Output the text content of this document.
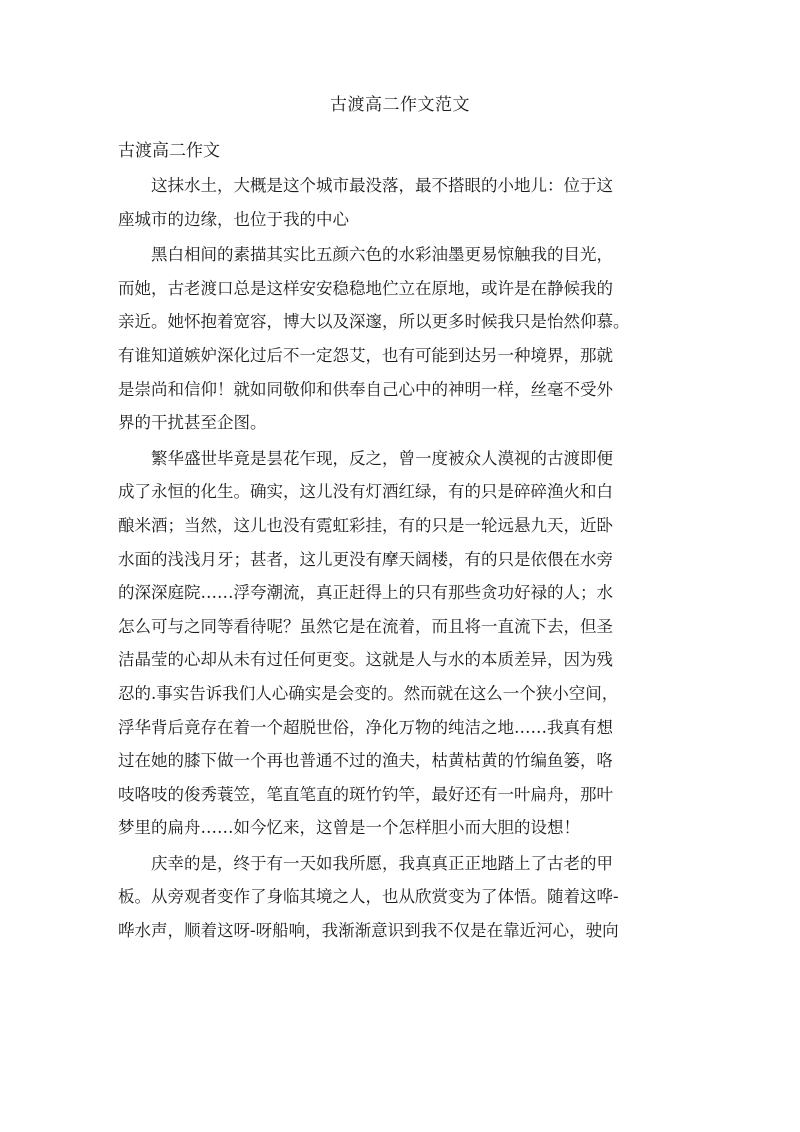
古渡高二作文范文
古渡高二作文
这抹水土，大概是这个城市最没落，最不搭眼的小地儿：位于这
座城市的边缘，也位于我的中心
黑白相间的素描其实比五颜六色的水彩油墨更易惊触我的目光，
而她，古老渡口总是这样安安稳稳地伫立在原地，或许是在静候我的
亲近。她怀抱着宽容，博大以及深邃，所以更多时候我只是怡然仰慕。
有谁知道嫉妒深化过后不一定怨艾，也有可能到达另一种境界，那就
是崇尚和信仰！就如同敬仰和供奉自己心中的神明一样，丝毫不受外
界的干扰甚至企图。
繁华盛世毕竟是昙花乍现，反之，曾一度被众人漠视的古渡即便
成了永恒的化生。确实，这儿没有灯酒红绿，有的只是碎碎渔火和白
酿米酒；当然，这儿也没有霓虹彩挂，有的只是一轮远悬九天，近卧
水面的浅浅月牙；甚者，这儿更没有摩天阔楼，有的只是依偎在水旁
的深深庭院……浮夸潮流，真正赶得上的只有那些贪功好禄的人；水
怎么可与之同等看待呢？虽然它是在流着，而且将一直流下去，但圣
洁晶莹的心却从未有过任何更变。这就是人与水的本质差异，因为残
忍的.事实告诉我们人心确实是会变的。然而就在这么一个狭小空间，
浮华背后竟存在着一个超脱世俗，净化万物的纯洁之地……我真有想
过在她的膝下做一个再也普通不过的渔夫，枯黄枯黄的竹编鱼篓，咯
吱咯吱的俊秀蓑笠，笔直笔直的斑竹钓竿，最好还有一叶扁舟，那叶
梦里的扁舟……如今忆来，这曾是一个怎样胆小而大胆的设想！
庆幸的是，终于有一天如我所愿，我真真正正地踏上了古老的甲
板。从旁观者变作了身临其境之人，也从欣赏变为了体悟。随着这哗-
哗水声，顺着这呀-呀船响，我渐渐意识到我不仅是在靠近河心，驶向
